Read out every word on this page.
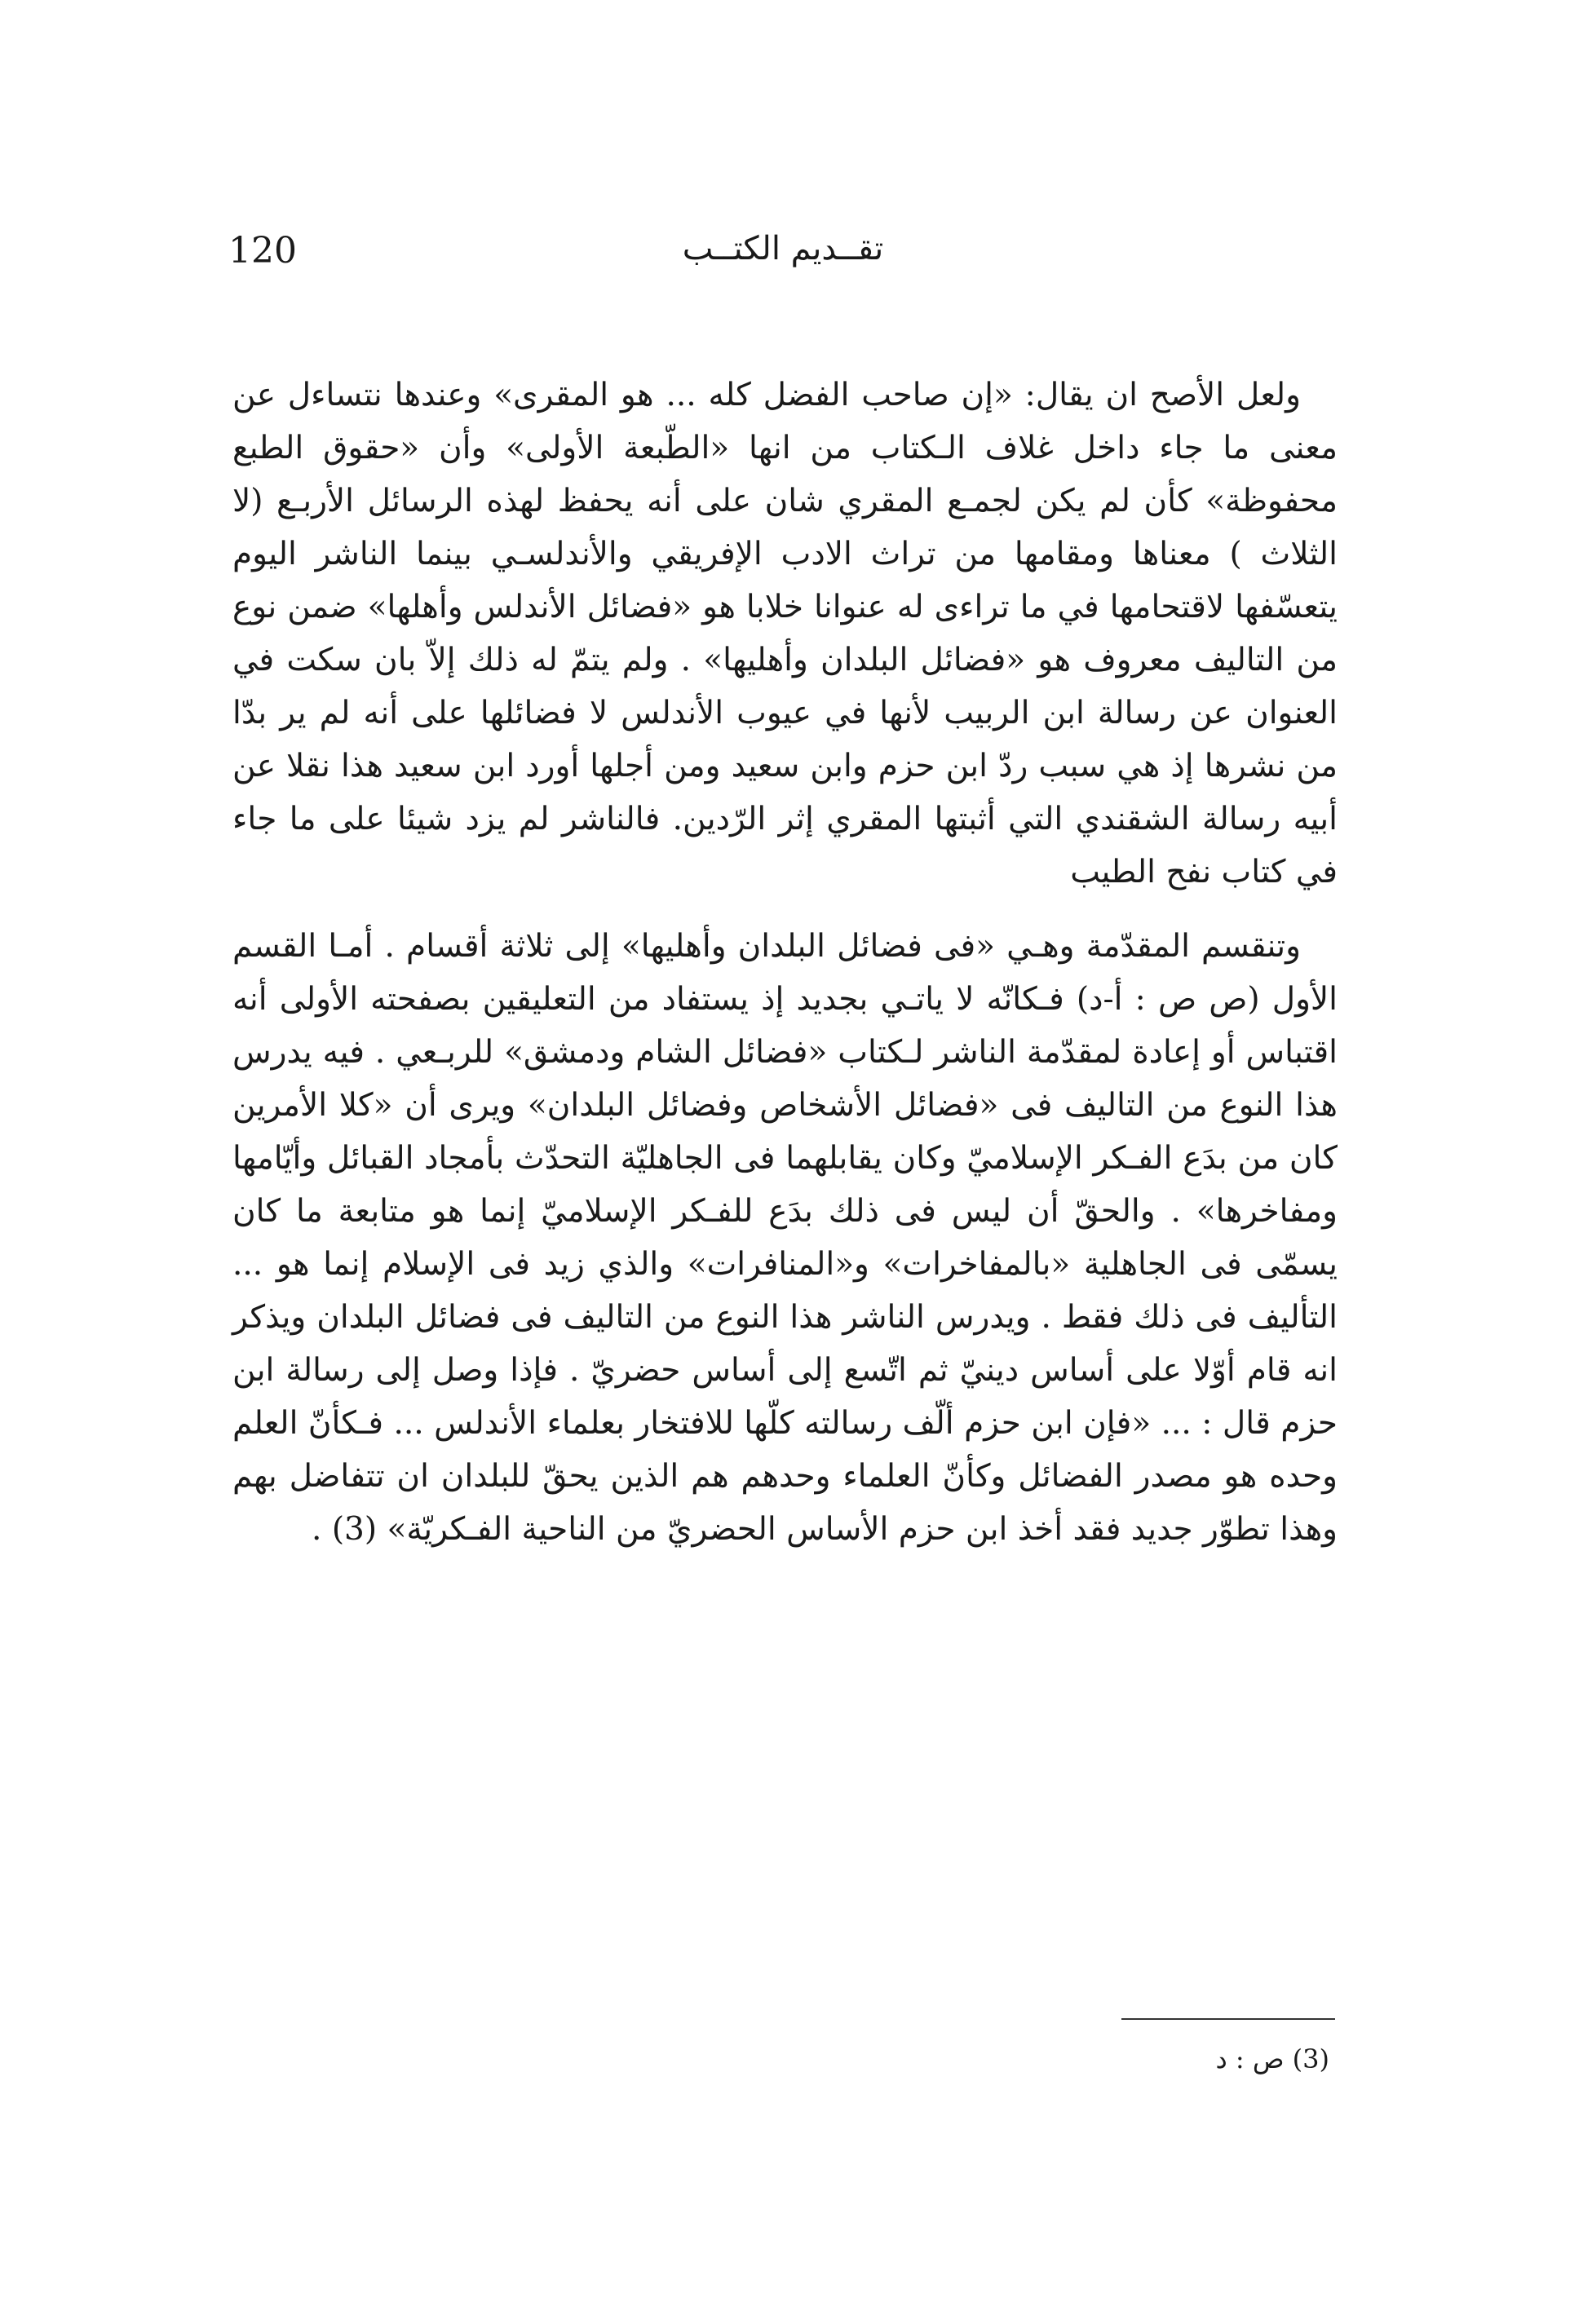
120	تقــديم الكتــب

ولعل الأصح ان يقال: «إن صاحب الفضل كله ... هو المقرى» وعندها نتساءل عن معنى ما جاء داخل غلاف الـكتاب من انها «الطّبعة الأولى» وأن «حقوق الطبع محفوظة» كأن لم يكن لجمـع المقري شان على أنه يحفظ لهذه الرسائل الأربـع (لا الثلاث ) معناها ومقامها من تراث الادب الإفريقي والأندلسـي بينما الناشر اليوم يتعسّفها لاقتحامها في ما تراءى له عنوانا خلابا هو «فضائل الأندلس وأهلها» ضمن نوع من التاليف معروف هو «فضائل البلدان وأهليها» . ولم يتمّ له ذلك إلاّ بان سكت في العنوان عن رسالة ابن الربيب لأنها في عيوب الأندلس لا فضائلها على أنه لم ير بدّا من نشرها إذ هي سبب ردّ ابن حزم وابن سعيد ومن أجلها أورد ابن سعيد هذا نقلا عن أبيه رسالة الشقندي التي أثبتها المقري إثر الرّدين. فالناشر لم يزد شيئا على ما جاء في كتاب نفح الطيب

وتنقسم المقدّمة وهـي «فى فضائل البلدان وأهليها» إلى ثلاثة أقسام . أمـا القسم الأول (ص ص : أ-د) فـكانّه لا ياتـي بجديد إذ يستفاد من التعليقين بصفحته الأولى أنه اقتباس أو إعادة لمقدّمة الناشر لـكتاب «فضائل الشام ودمشق» للربـعي . فيه يدرس هذا النوع من التاليف فى «فضائل الأشخاص وفضائل البلدان» ويرى أن «كلا الأمرين كان من بدَع الفـكر الإسلاميّ وكان يقابلهما فى الجاهليّة التحدّث بأمجاد القبائل وأيّامها ومفاخرها» . والحقّ أن ليس فى ذلك بدَع للفـكر الإسلاميّ إنما هو متابعة ما كان يسمّى فى الجاهلية «بالمفاخرات» و«المنافرات» والذي زيد فى الإسلام إنما هو ... التأليف فى ذلك فقط . ويدرس الناشر هذا النوع من التاليف فى فضائل البلدان ويذكر انه قام أوّلا على أساس دينيّ ثم اتّسع إلى أساس حضريّ . فإذا وصل إلى رسالة ابن حزم قال : ... «فإن ابن حزم ألّف رسالته كلّها للافتخار بعلماء الأندلس ... فـكأنّ العلم وحده هو مصدر الفضائل وكأنّ العلماء وحدهم هم الذين يحقّ للبلدان ان تتفاضل بهم وهذا تطوّر جديد فقد أخذ ابن حزم الأساس الحضريّ من الناحية الفـكريّة» (3) .

(3) ص : د
